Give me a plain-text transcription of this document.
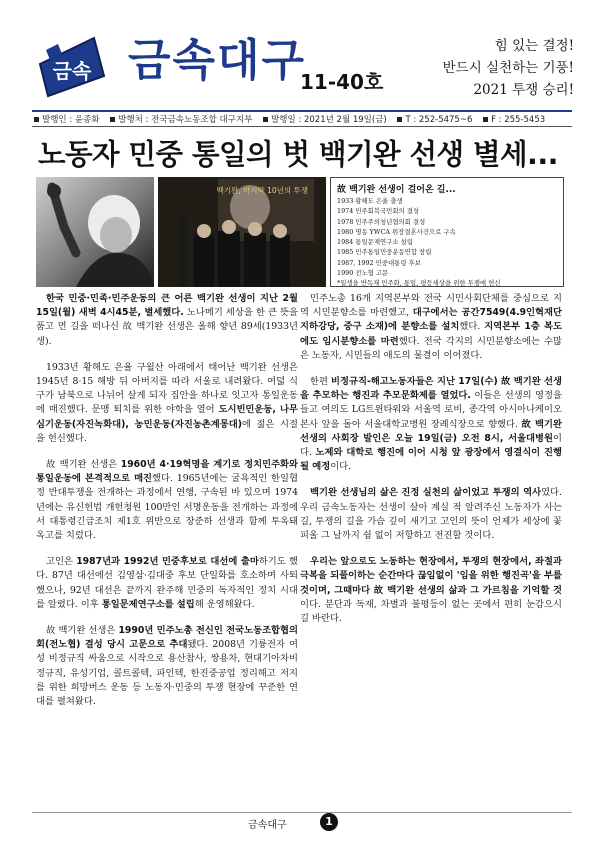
금속 금속대구
11-40호
힘 있는 결정!
반드시 실천하는 기풍!
2021 투쟁 승리!
발행인 : 윤종화 발행처 : 전국금속노동조합 대구지부 발행일 : 2021년 2월 19일(금) T : 252-5475~6 F : 255-5453
노동자 민중 통일의 벗 백기완 선생 별세...
백기완, 마지막 10년의 투쟁	故 백기완 선생이 걸어온 길...
1933 황해도 은율 출생
1974 민주회복국민회의 결성
1978 민주주의청년협의회 결성
1980 명동 YWCA 위장결혼사건으로 구속
1984 통일문제연구소 설립
1985 민주통일민중운동연합 창립
1987, 1992 민중대통령 후보
1990 전노협 고문
*일생을 반독재 민주화, 통일, 평등세상을 위한 투쟁에 헌신

한국 민중·민족·민주운동의 큰 어른 백기완 선생이 지난 2월 15일(월) 새벽 4시45분, 별세했다. 노나메기 세상을 한 큰 뜻을 품고 먼 길을 떠나신 故 백기완 선생은 올해 향년 89세(1933년생).

1933년 황해도 은율 구월산 아래에서 태어난 백기완 선생은 1945년 8·15 해방 뒤 아버지를 따라 서울로 내려왔다. 여덟 식구가 남북으로 나뉘어 살게 되자 집안을 하나로 잇고자 통일운동에 매진했다. 문맹 퇴치를 위한 야학을 열어 도시빈민운동, 나무심기운동(자진녹화대), 농민운동(자진농촌계몽대)에 젊은 시절을 헌신했다.

故 백기완 선생은 1960년 4·19혁명을 계기로 정치민주화와 통일운동에 본격적으로 매진했다. 1965년에는 굴욕적인 한일협정 반대투쟁을 전개하는 과정에서 연행, 구속된 바 있으며 1974년에는 유신헌법 개헌청원 100만인 서명운동을 전개하는 과정에서 대통령긴급조치 제1호 위반으로 장준하 선생과 함께 투옥돼 옥고를 치렀다.

고인은 1987년과 1992년 민중후보로 대선에 출마하기도 했다. 87년 대선에선 김영삼·김대중 후보 단일화를 호소하며 사퇴했으나, 92년 대선은 끝까지 완주해 민중의 독자적인 정치 시대를 알렸다. 이후 통일문제연구소를 설립해 운영해왔다.

故 백기완 선생은 1990년 민주노총 전신인 전국노동조합협의회(전노협) 결성 당시 고문으로 추대됐다. 2008년 기륭전자 여성 비정규직 싸움으로 시작으로 용산참사, 쌍용차, 현대기아차비정규직, 유성기업, 콜트콜텍, 파인텍, 한진중공업 정리해고 저지를 위한 희망버스 운동 등 노동자·민중의 투쟁 현장에 꾸준한 연대를 펼쳐왔다.

민주노총 16개 지역본부와 전국 시민사회단체를 중심으로 지역 시민분향소를 마련했고, 대구에서는 공간7549(4.9인혁재단 지하강당, 중구 소재)에 분향소를 설치했다. 지역본부 1층 복도에도 임시분향소를 마련했다. 전국 각지의 시민분향소에는 수많은 노동자, 시민들의 애도의 물결이 이어졌다.

한편 비정규직-해고노동자들은 지난 17일(수) 故 백기완 선생을 추모하는 행진과 추모문화제를 열었다. 이들은 선생의 영정을 들고 여의도 LG트윈타워와 서울역 로비, 종각역 아시아나케이오 본사 앞을 돌아 서울대학교병원 장례식장으로 향했다. 故 백기완 선생의 사회장 발인은 오늘 19일(금) 오전 8시, 서울대병원이다. 노제와 대학로 행진에 이어 시청 앞 광장에서 영결식이 진행될 예정이다.

백기완 선생님의 삶은 진정 실천의 삶이었고 투쟁의 역사였다. 우리 금속노동자는 선생이 살아 계실 적 알려주신 노동자가 사는 길, 투쟁의 길을 가슴 깊이 새기고 고인의 뜻이 언제가 세상에 꽃 피울 그 날까지 쉼 없이 저항하고 전진할 것이다.

우리는 앞으로도 노동하는 현장에서, 투쟁의 현장에서, 좌절과 극복을 되풀이하는 순간마다 끊임없이 '임을 위한 행진곡'을 부를 것이며, 그때마다 故 백기완 선생의 삶과 그 가르침을 기억할 것이다. 분단과 독재, 차별과 불평등이 없는 곳에서 편히 눈감으시길 바란다.

금속대구	1
